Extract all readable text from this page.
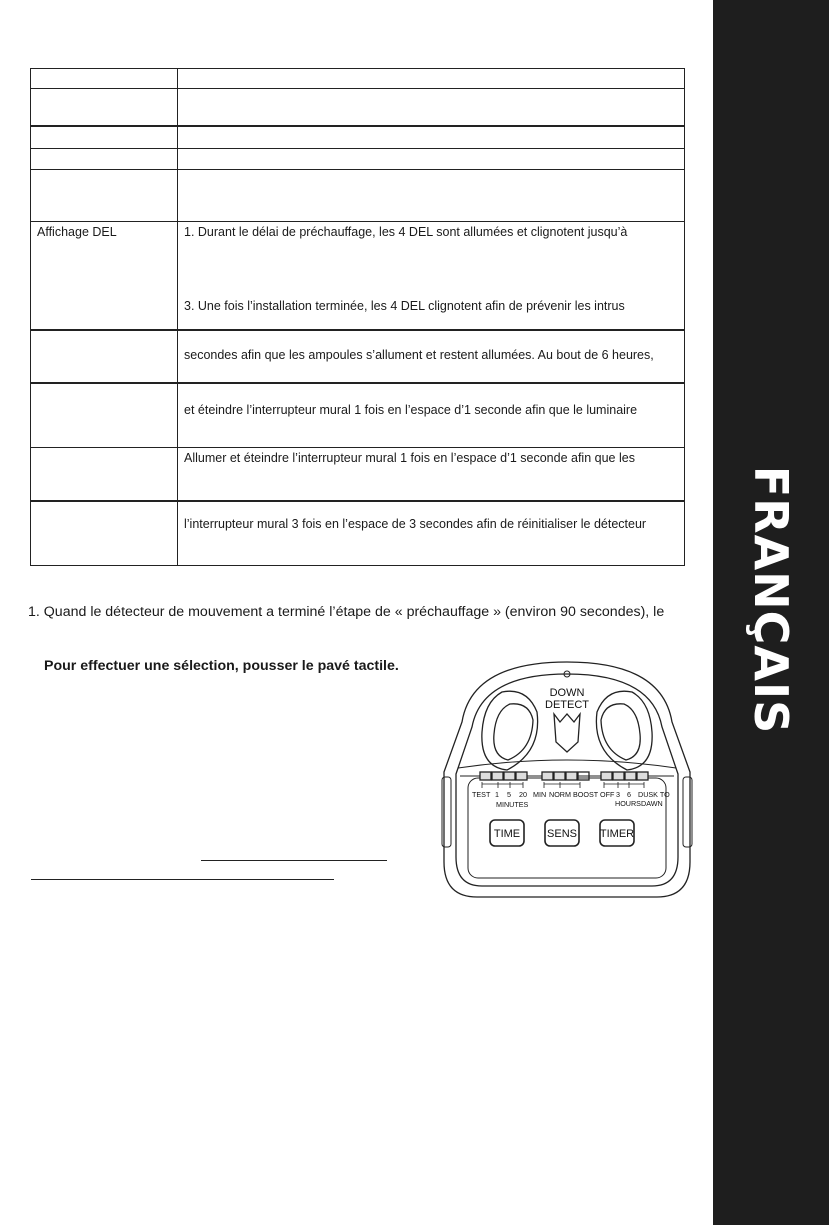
FRANÇAIS

Affichage DEL	1. Durant le délai de préchauffage, les 4 DEL sont allumées et clignotent jusqu’à
3. Une fois l’installation terminée, les 4 DEL clignotent afin de prévenir les intrus

	secondes afin que les ampoules s’allument et restent allumées. Au bout de 6 heures,
	et éteindre l’interrupteur mural 1 fois en l’espace d’1 seconde afin que le luminaire
	Allumer et éteindre l’interrupteur mural 1 fois en l’espace d’1 seconde afin que les
	l’interrupteur mural 3 fois en l’espace de 3 secondes afin de réinitialiser le détecteur
1. Quand le détecteur de mouvement a terminé l’étape de « préchauffage » (environ 90 secondes), le
Pour effectuer une sélection, pousser le pavé tactile.
DOWN
DETECT
TEST 1 5 20
MINUTES
MIN NORM BOOST OFF 3 6 DUSK TO
HOURS DAWN
TIME SENS TIMER
